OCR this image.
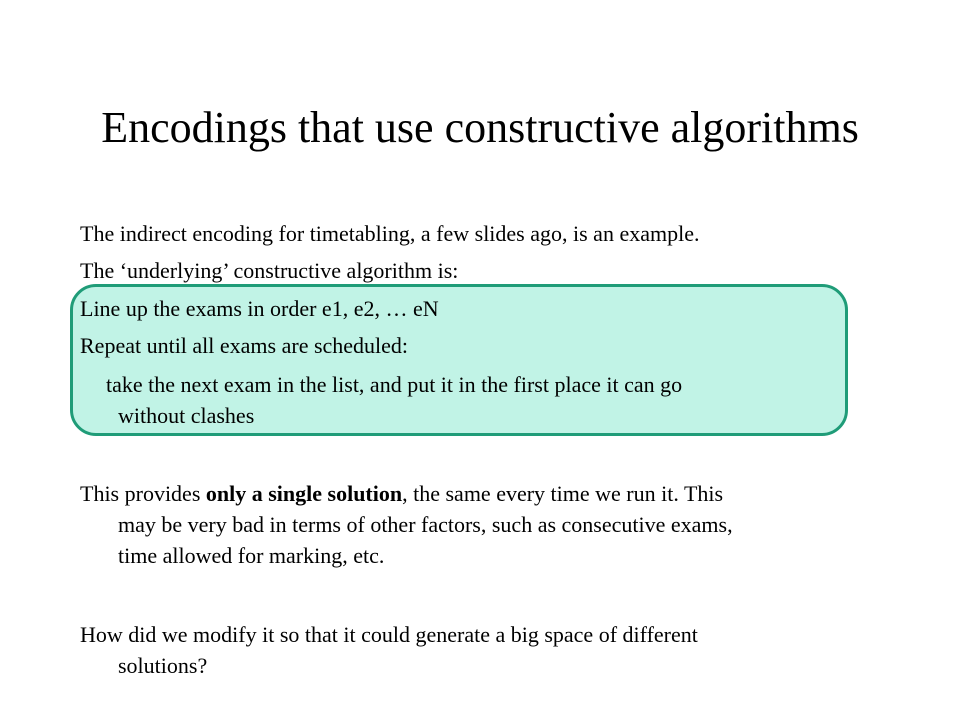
Encodings that use constructive algorithms

The indirect encoding for timetabling, a few slides ago, is an example.

The ‘underlying’ constructive algorithm is:

Line up the exams in order e1, e2, … eN

Repeat until all exams are scheduled:

take the next exam in the list, and put it in the first place it can go

without clashes

This provides only a single solution, the same every time we run it. This

may be very bad in terms of other factors, such as consecutive exams,

time allowed for marking, etc.

How did we modify it so that it could generate a big space of different

solutions?
